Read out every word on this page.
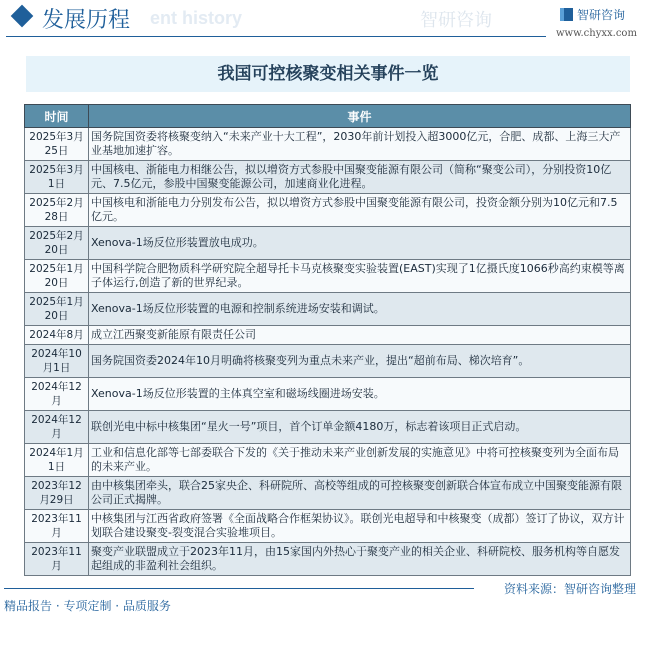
ent history
发展历程	智研咨询	智研咨询
www.chyxx.com
我国可控核聚变相关事件一览
时间	事件
2025年3月25日	国务院国资委将核聚变纳入“未来产业十大工程”，2030年前计划投入超3000亿元，合肥、成都、上海三大产业基地加速扩容。
2025年3月1日	中国核电、浙能电力相继公告，拟以增资方式参股中国聚变能源有限公司（简称“聚变公司），分别投资10亿元、7.5亿元，参股中国聚变能源公司，加速商业化进程。
2025年2月28日	中国核电和浙能电力分别发布公告，拟以增资方式参股中国聚变能源有限公司，投资金额分别为10亿元和7.5亿元。
2025年2月20日	Xenova-1场反位形装置放电成功。
2025年1月20日	中国科学院合肥物质科学研究院全超导托卡马克核聚变实验装置(EAST)实现了1亿摄氏度1066秒高约束模等离子体运行,创造了新的世界纪录。
2025年1月20日	Xenova-1场反位形装置的电源和控制系统进场安装和调试。
2024年8月	成立江西聚变新能原有限责任公司
2024年10月1日	国务院国资委2024年10月明确将核聚变列为重点未来产业，提出“超前布局、梯次培育”。
2024年12月	Xenova-1场反位形装置的主体真空室和磁场线圈进场安装。
2024年12月	联创光电中标中核集团“星火一号”项目，首个订单金额4180万，标志着该项目正式启动。
2024年1月1日	工业和信息化部等七部委联合下发的《关于推动未来产业创新发展的实施意见》中将可控核聚变列为全面布局的未来产业。
2023年12月29日	由中核集团牵头，联合25家央企、科研院所、高校等组成的可控核聚变创新联合体宣布成立中国聚变能源有限公司正式揭牌。
2023年11月	中核集团与江西省政府签署《全面战略合作框架协议》。联创光电超导和中核聚变（成都）签订了协议，双方计划联合建设聚变-裂变混合实验堆项目。
2023年11月	聚变产业联盟成立于2023年11月，由15家国内外热心于聚变产业的相关企业、科研院校、服务机构等自愿发起组成的非盈利社会组织。
资料来源：智研咨询整理
精品报告 · 专项定制 · 品质服务
